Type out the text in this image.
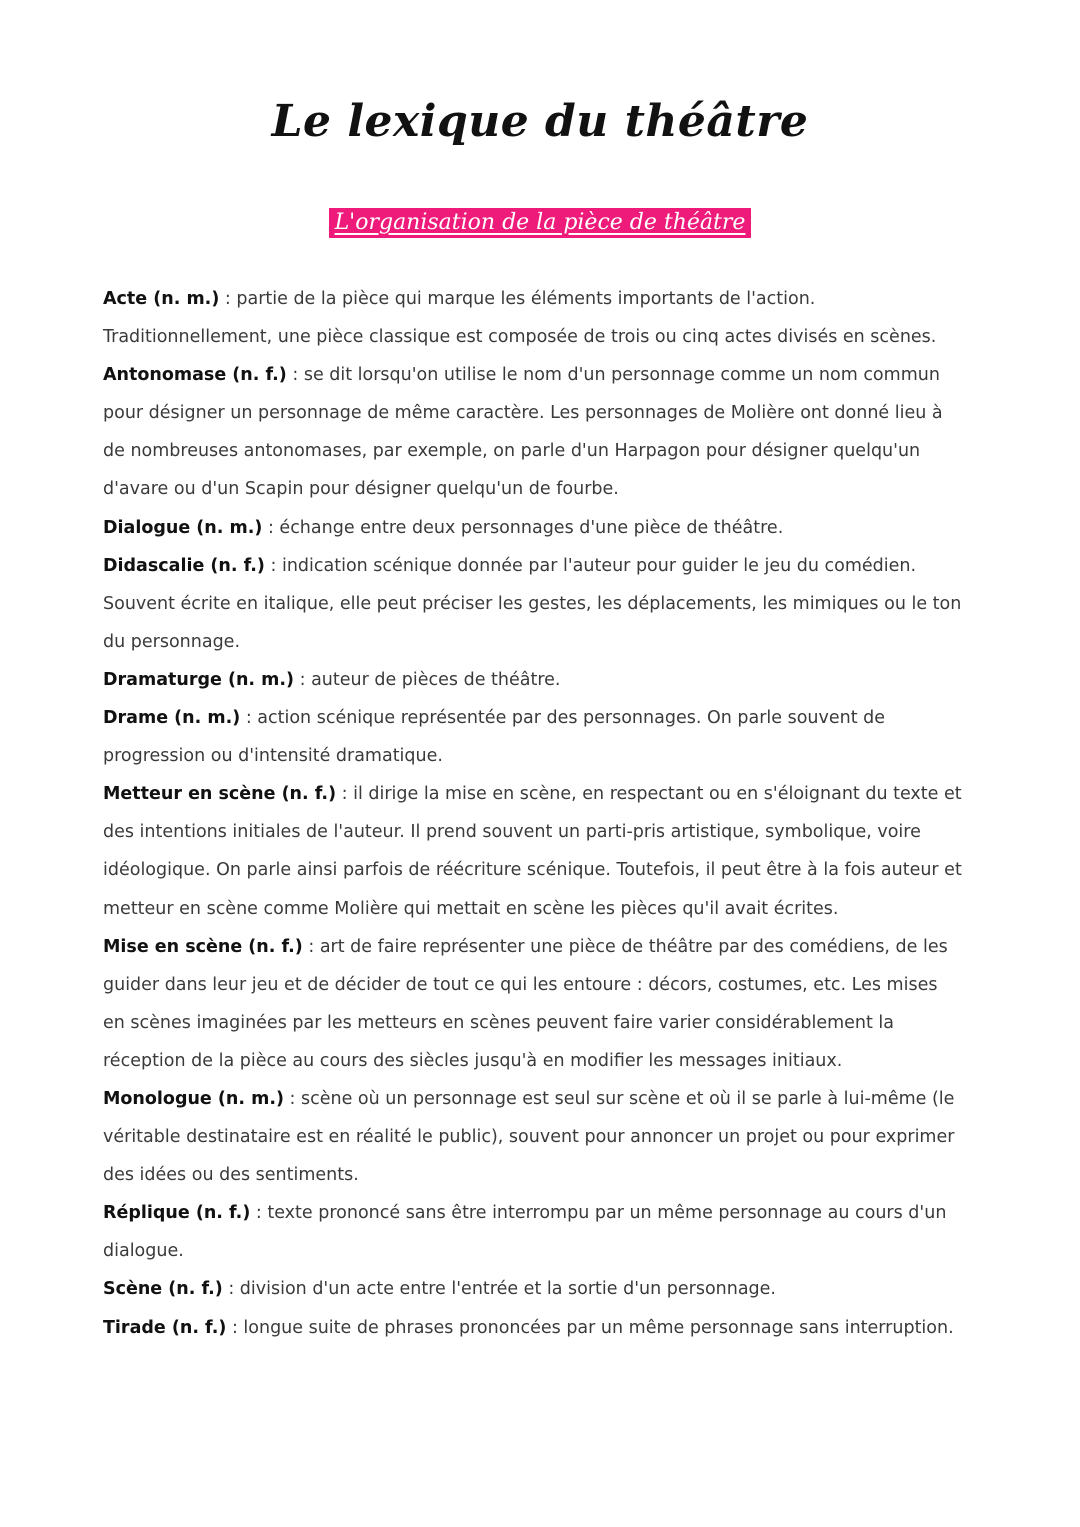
Le lexique du théâtre
L'organisation de la pièce de théâtre

Acte (n. m.) : partie de la pièce qui marque les éléments importants de l'action. Traditionnellement, une pièce classique est composée de trois ou cinq actes divisés en scènes.

Antonomase (n. f.) : se dit lorsqu'on utilise le nom d'un personnage comme un nom commun pour désigner un personnage de même caractère. Les personnages de Molière ont donné lieu à de nombreuses antonomases, par exemple, on parle d'un Harpagon pour désigner quelqu'un d'avare ou d'un Scapin pour désigner quelqu'un de fourbe.

Dialogue (n. m.) : échange entre deux personnages d'une pièce de théâtre.

Didascalie (n. f.) : indication scénique donnée par l'auteur pour guider le jeu du comédien. Souvent écrite en italique, elle peut préciser les gestes, les déplacements, les mimiques ou le ton du personnage.

Dramaturge (n. m.) : auteur de pièces de théâtre.

Drame (n. m.) : action scénique représentée par des personnages. On parle souvent de progression ou d'intensité dramatique.

Metteur en scène (n. f.) : il dirige la mise en scène, en respectant ou en s'éloignant du texte et des intentions initiales de l'auteur. Il prend souvent un parti-pris artistique, symbolique, voire idéologique. On parle ainsi parfois de réécriture scénique. Toutefois, il peut être à la fois auteur et metteur en scène comme Molière qui mettait en scène les pièces qu'il avait écrites.

Mise en scène (n. f.) : art de faire représenter une pièce de théâtre par des comédiens, de les guider dans leur jeu et de décider de tout ce qui les entoure : décors, costumes, etc. Les mises en scènes imaginées par les metteurs en scènes peuvent faire varier considérablement la réception de la pièce au cours des siècles jusqu'à en modifier les messages initiaux.

Monologue (n. m.) : scène où un personnage est seul sur scène et où il se parle à lui-même (le véritable destinataire est en réalité le public), souvent pour annoncer un projet ou pour exprimer des idées ou des sentiments.

Réplique (n. f.) : texte prononcé sans être interrompu par un même personnage au cours d'un dialogue.

Scène (n. f.) : division d'un acte entre l'entrée et la sortie d'un personnage.

Tirade (n. f.) : longue suite de phrases prononcées par un même personnage sans interruption.
